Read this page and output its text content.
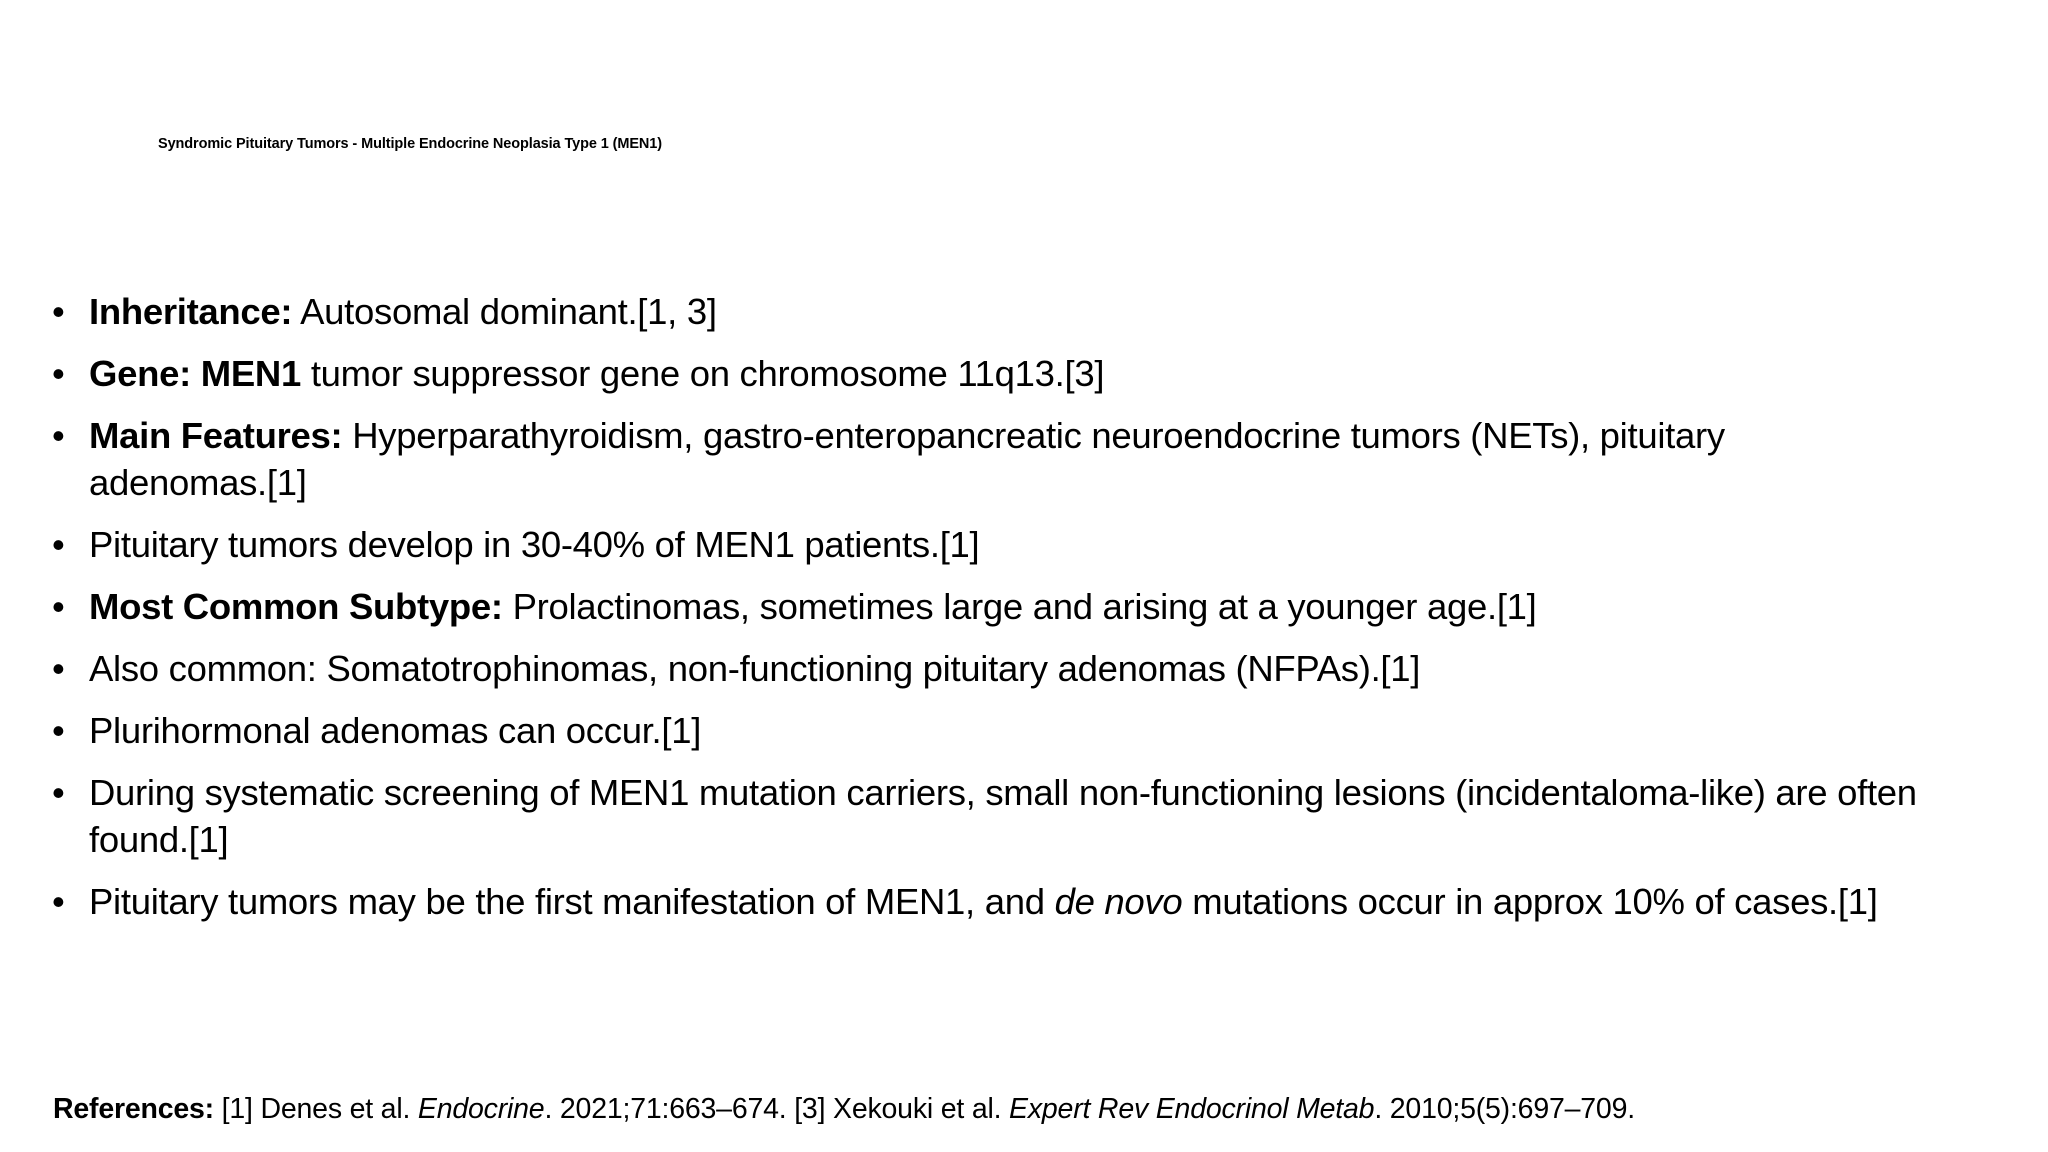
Syndromic Pituitary Tumors - Multiple Endocrine Neoplasia Type 1 (MEN1)
• Inheritance: Autosomal dominant.[1, 3]
• Gene: MEN1 tumor suppressor gene on chromosome 11q13.[3]
• Main Features: Hyperparathyroidism, gastro-enteropancreatic neuroendocrine tumors (NETs), pituitary adenomas.[1]
• Pituitary tumors develop in 30-40% of MEN1 patients.[1]
• Most Common Subtype: Prolactinomas, sometimes large and arising at a younger age.[1]
• Also common: Somatotrophinomas, non-functioning pituitary adenomas (NFPAs).[1]
• Plurihormonal adenomas can occur.[1]
• During systematic screening of MEN1 mutation carriers, small non-functioning lesions (incidentaloma-like) are often found.[1]
• Pituitary tumors may be the first manifestation of MEN1, and de novo mutations occur in approx 10% of cases.[1]
References: [1] Denes et al. Endocrine. 2021;71:663–674. [3] Xekouki et al. Expert Rev Endocrinol Metab. 2010;5(5):697–709.
